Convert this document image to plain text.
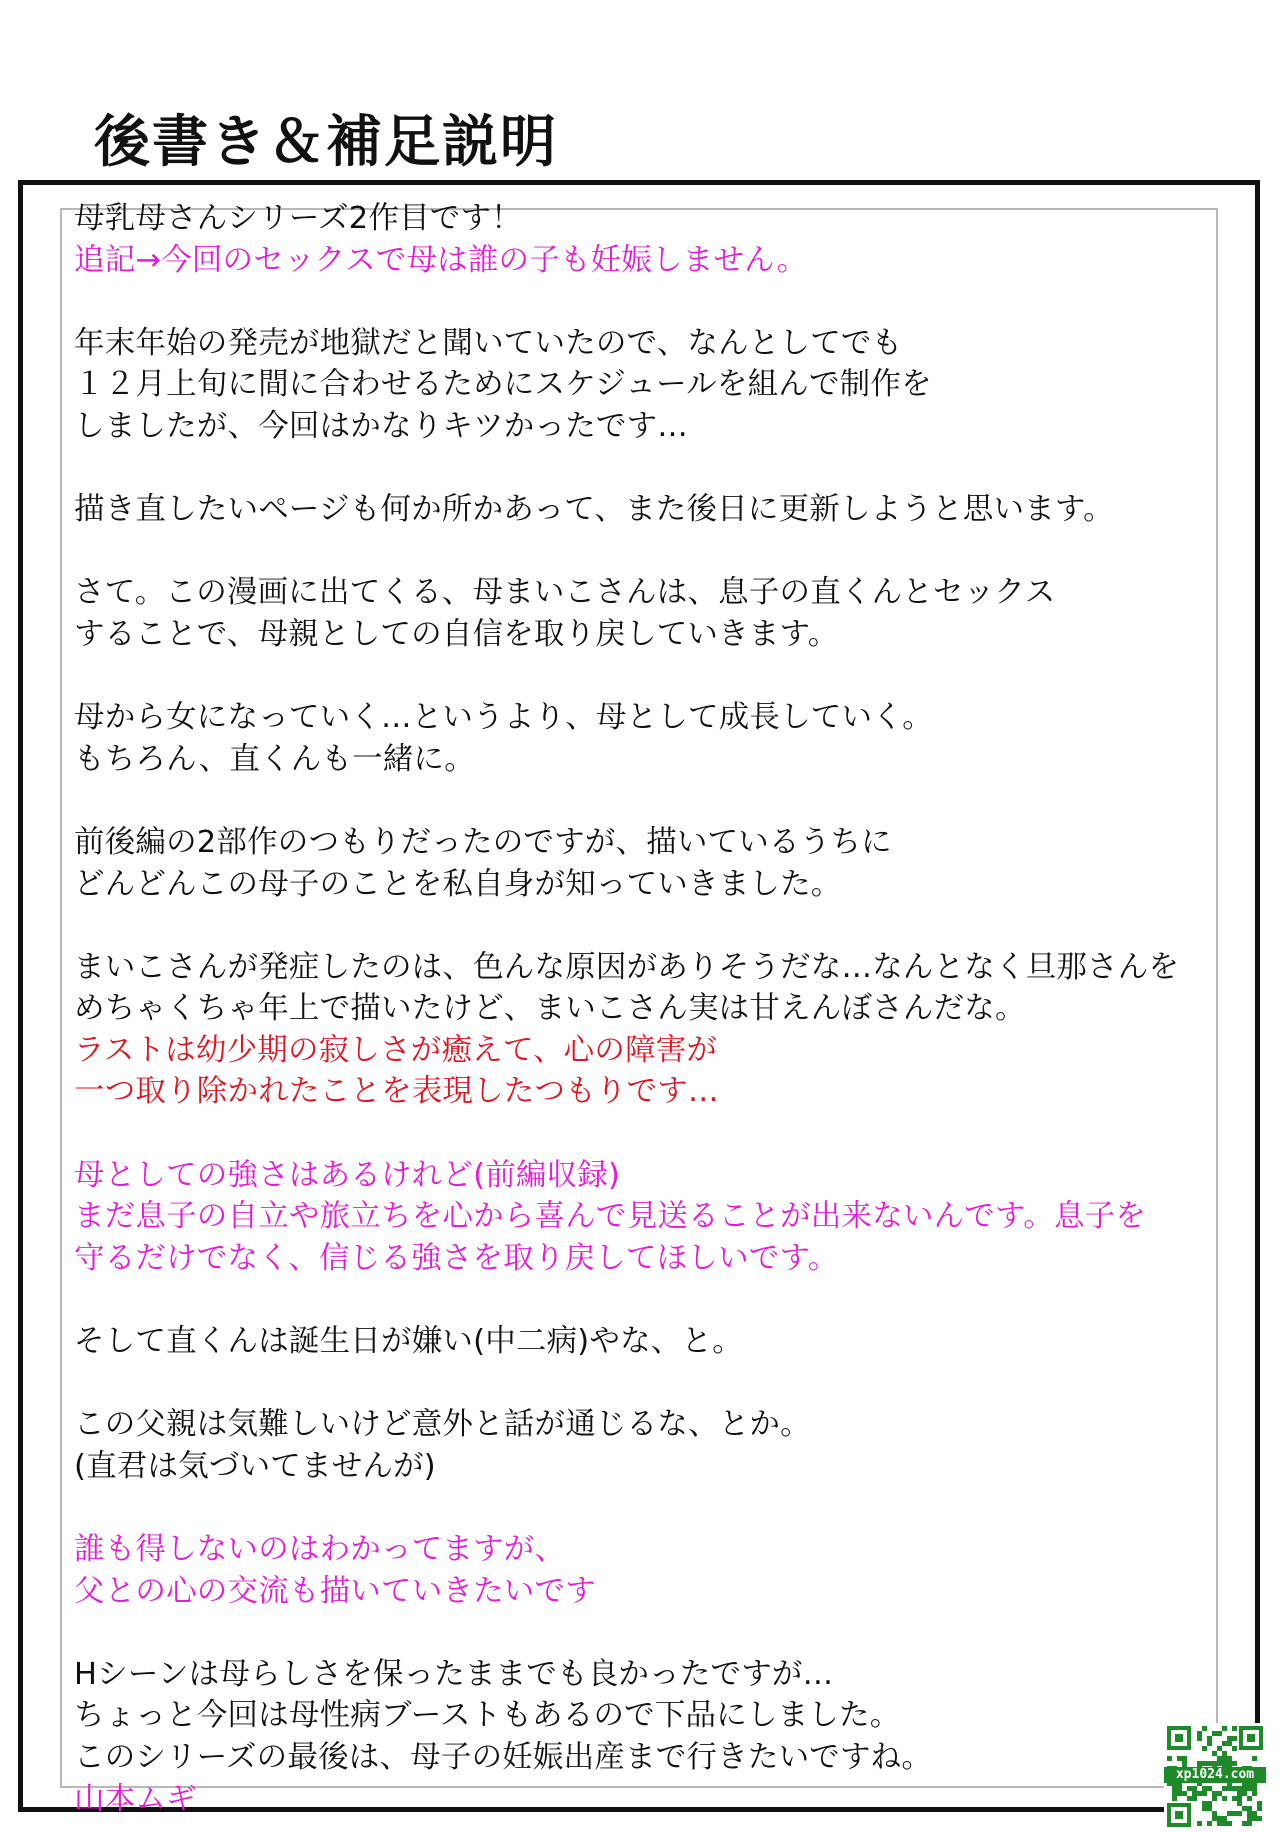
後書き＆補足説明
母乳母さんシリーズ2作目です！
追記→今回のセックスで母は誰の子も妊娠しません。
年末年始の発売が地獄だと聞いていたので、なんとしてでも
１２月上旬に間に合わせるためにスケジュールを組んで制作を
しましたが、今回はかなりキツかったです…
描き直したいページも何か所かあって、また後日に更新しようと思います。
さて。この漫画に出てくる、母まいこさんは、息子の直くんとセックス
することで、母親としての自信を取り戻していきます。
母から女になっていく…というより、母として成長していく。
もちろん、直くんも一緒に。
前後編の2部作のつもりだったのですが、描いているうちに
どんどんこの母子のことを私自身が知っていきました。
まいこさんが発症したのは、色んな原因がありそうだな…なんとなく旦那さんを
めちゃくちゃ年上で描いたけど、まいこさん実は甘えんぼさんだな。
ラストは幼少期の寂しさが癒えて、心の障害が
一つ取り除かれたことを表現したつもりです…
母としての強さはあるけれど(前編収録)
まだ息子の自立や旅立ちを心から喜んで見送ることが出来ないんです。息子を
守るだけでなく、信じる強さを取り戻してほしいです。
そして直くんは誕生日が嫌い(中二病)やな、と。
この父親は気難しいけど意外と話が通じるな、とか。
(直君は気づいてませんが)
誰も得しないのはわかってますが、
父との心の交流も描いていきたいです
Hシーンは母らしさを保ったままでも良かったですが…
ちょっと今回は母性病ブーストもあるので下品にしました。
このシリーズの最後は、母子の妊娠出産まで行きたいですね。
山本ムギ
xp1024.com
